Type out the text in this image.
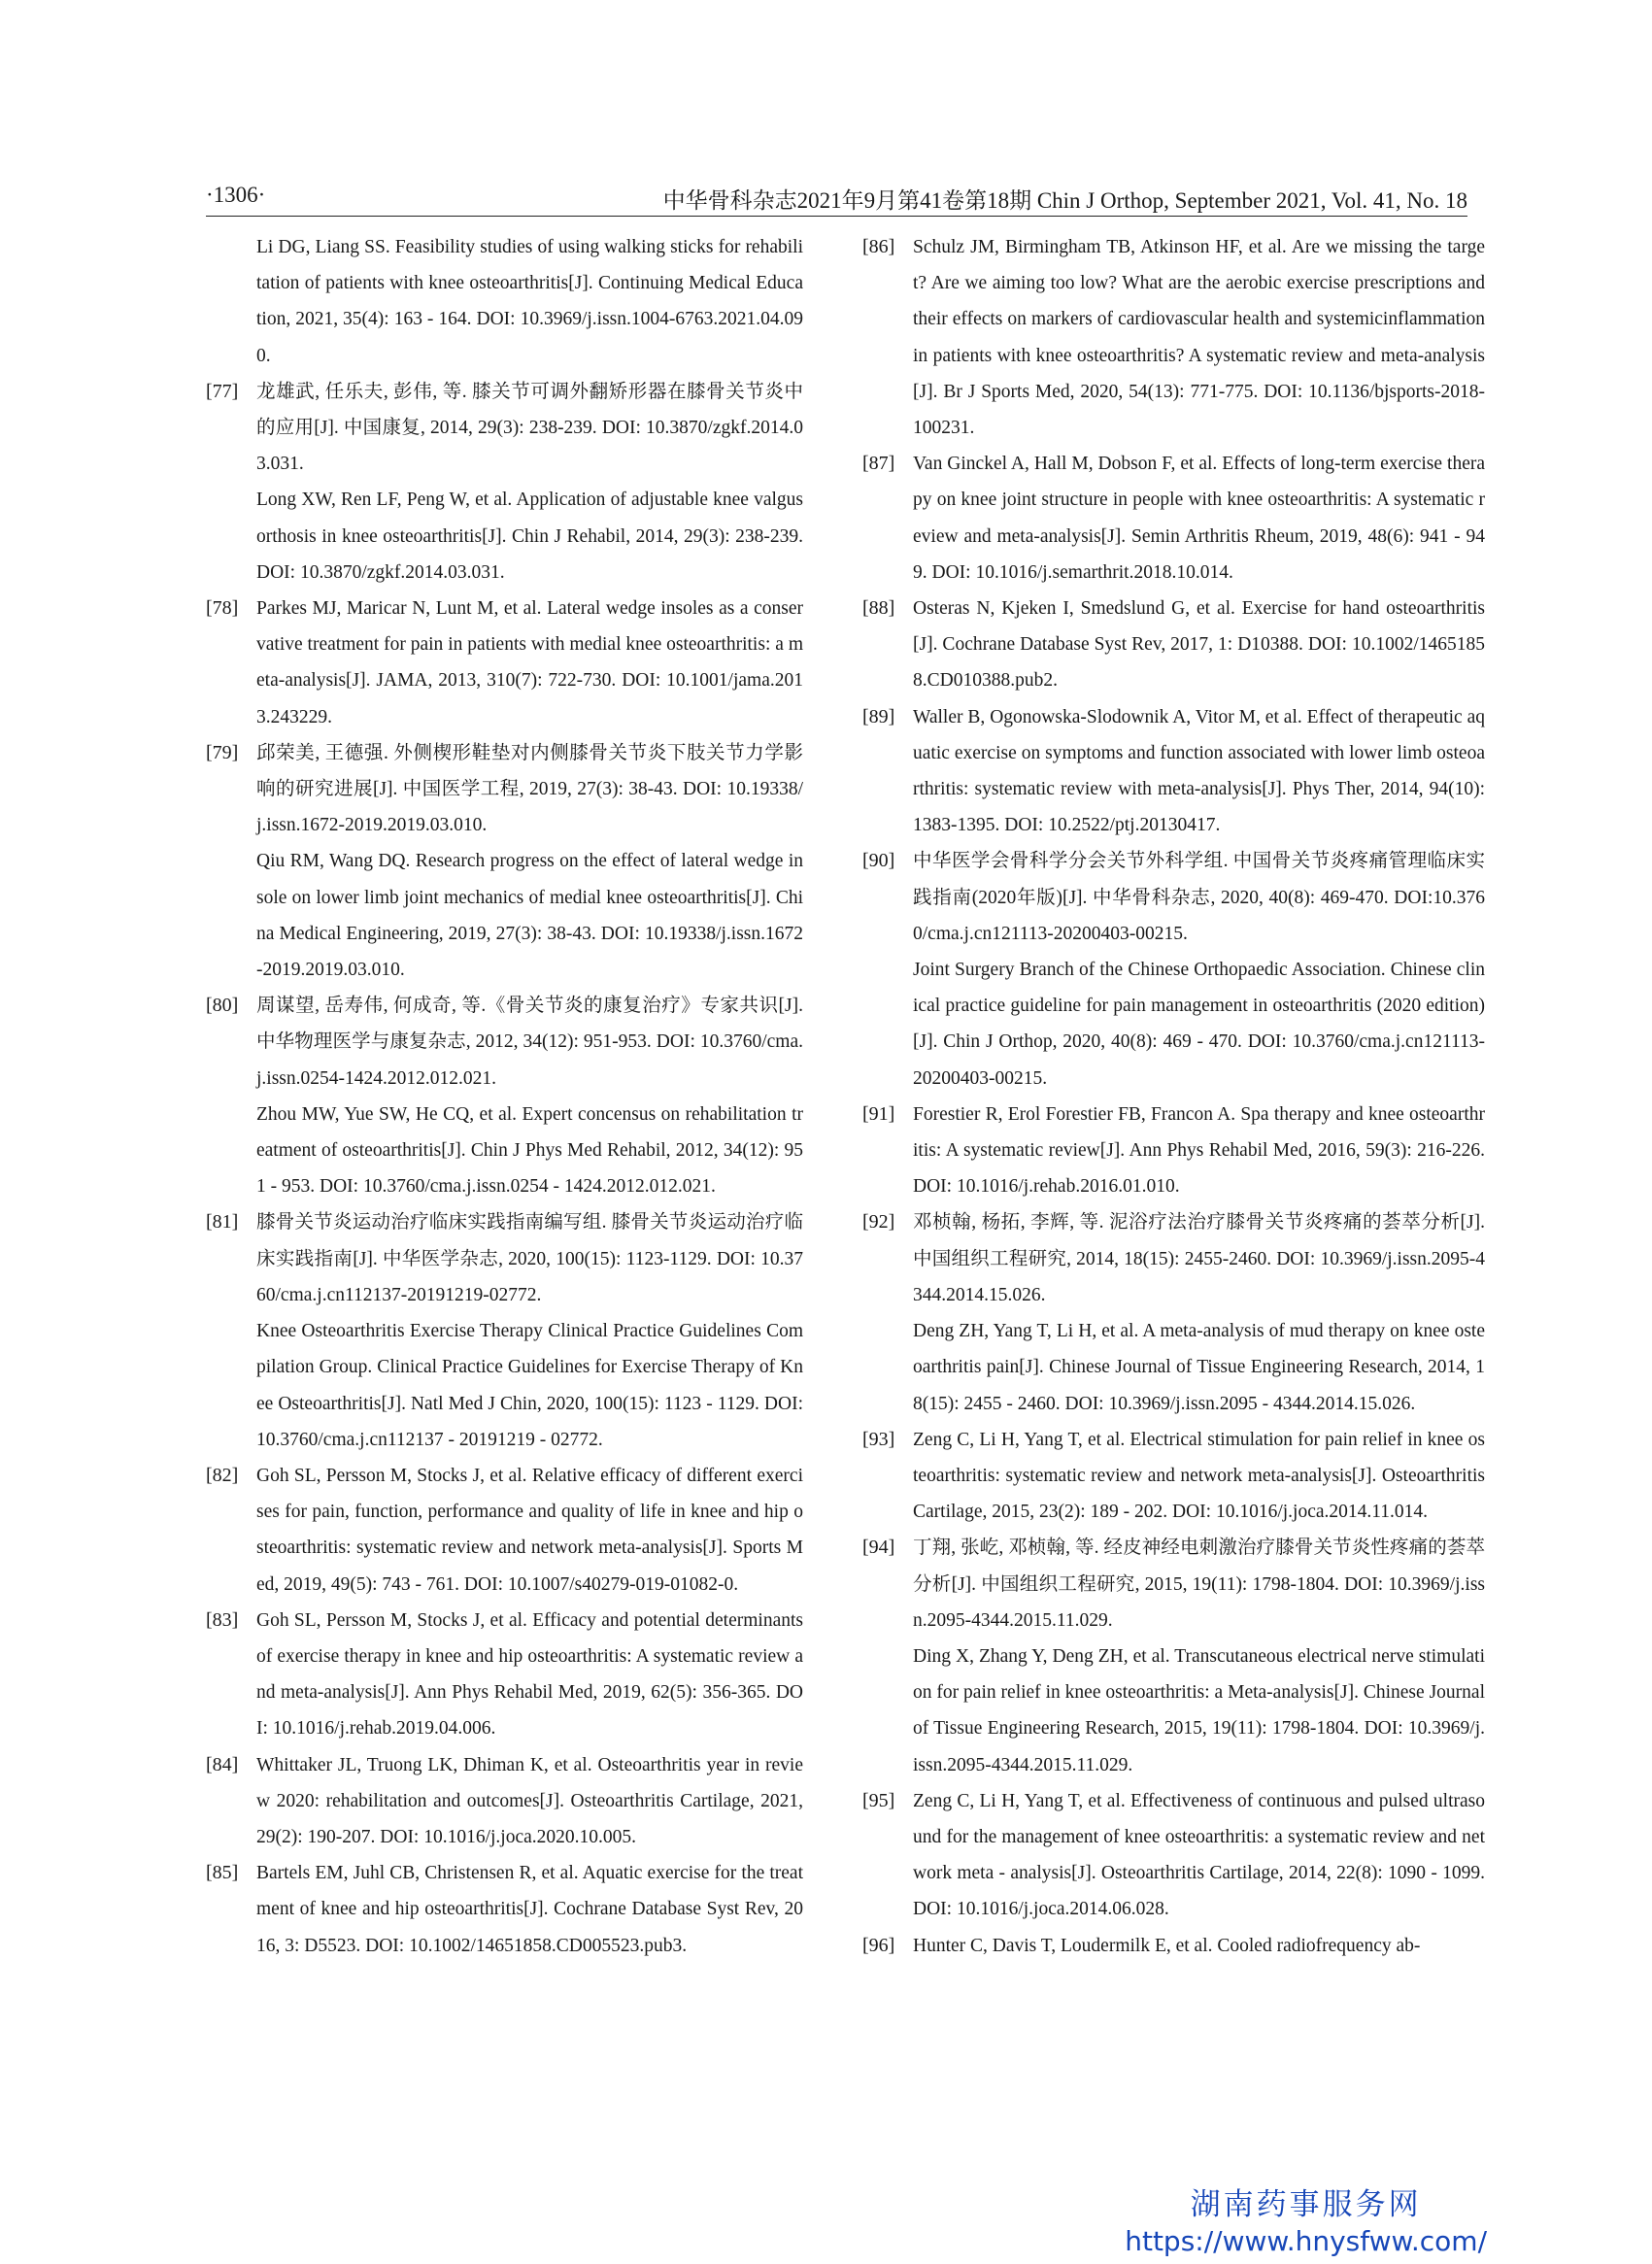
·1306·	中华骨科杂志2021年9月第41卷第18期 Chin J Orthop, September 2021, Vol. 41, No. 18

Li DG, Liang SS. Feasibility studies of using walking sticks for rehabilitation of patients with knee osteoarthritis[J]. Continuing Medical Education, 2021, 35(4): 163 - 164. DOI: 10.3969/j.issn.1004-6763.2021.04.090.

[77] 龙雄武, 任乐夫, 彭伟, 等. 膝关节可调外翻矫形器在膝骨关节炎中的应用[J]. 中国康复, 2014, 29(3): 238-239. DOI: 10.3870/zgkf.2014.03.031.

Long XW, Ren LF, Peng W, et al. Application of adjustable knee valgus orthosis in knee osteoarthritis[J]. Chin J Rehabil, 2014, 29(3): 238-239. DOI: 10.3870/zgkf.2014.03.031.

[78] Parkes MJ, Maricar N, Lunt M, et al. Lateral wedge insoles as a conservative treatment for pain in patients with medial knee osteoarthritis: a meta-analysis[J]. JAMA, 2013, 310(7): 722-730. DOI: 10.1001/jama.2013.243229.

[79] 邱荣美, 王德强. 外侧楔形鞋垫对内侧膝骨关节炎下肢关节力学影响的研究进展[J]. 中国医学工程, 2019, 27(3): 38-43. DOI: 10.19338/j.issn.1672-2019.2019.03.010.

Qiu RM, Wang DQ. Research progress on the effect of lateral wedge insole on lower limb joint mechanics of medial knee osteoarthritis[J]. China Medical Engineering, 2019, 27(3): 38-43. DOI: 10.19338/j.issn.1672-2019.2019.03.010.

[80] 周谋望, 岳寿伟, 何成奇, 等.《骨关节炎的康复治疗》专家共识[J]. 中华物理医学与康复杂志, 2012, 34(12): 951-953. DOI: 10.3760/cma.j.issn.0254-1424.2012.012.021.

Zhou MW, Yue SW, He CQ, et al. Expert concensus on rehabilitation treatment of osteoarthritis[J]. Chin J Phys Med Rehabil, 2012, 34(12): 951 - 953. DOI: 10.3760/cma.j.issn.0254 - 1424.2012.012.021.

[81] 膝骨关节炎运动治疗临床实践指南编写组. 膝骨关节炎运动治疗临床实践指南[J]. 中华医学杂志, 2020, 100(15): 1123-1129. DOI: 10.3760/cma.j.cn112137-20191219-02772.

Knee Osteoarthritis Exercise Therapy Clinical Practice Guidelines Compilation Group. Clinical Practice Guidelines for Exercise Therapy of Knee Osteoarthritis[J]. Natl Med J Chin, 2020, 100(15): 1123 - 1129. DOI: 10.3760/cma.j.cn112137 - 20191219 - 02772.

[82] Goh SL, Persson M, Stocks J, et al. Relative efficacy of different exercises for pain, function, performance and quality of life in knee and hip osteoarthritis: systematic review and network meta-analysis[J]. Sports Med, 2019, 49(5): 743 - 761. DOI: 10.1007/s40279-019-01082-0.

[83] Goh SL, Persson M, Stocks J, et al. Efficacy and potential determinants of exercise therapy in knee and hip osteoarthritis: A systematic review and meta-analysis[J]. Ann Phys Rehabil Med, 2019, 62(5): 356-365. DOI: 10.1016/j.rehab.2019.04.006.

[84] Whittaker JL, Truong LK, Dhiman K, et al. Osteoarthritis year in review 2020: rehabilitation and outcomes[J]. Osteoarthritis Cartilage, 2021, 29(2): 190-207. DOI: 10.1016/j.joca.2020.10.005.

[85] Bartels EM, Juhl CB, Christensen R, et al. Aquatic exercise for the treatment of knee and hip osteoarthritis[J]. Cochrane Database Syst Rev, 2016, 3: D5523. DOI: 10.1002/14651858.CD005523.pub3.

[86] Schulz JM, Birmingham TB, Atkinson HF, et al. Are we missing the target? Are we aiming too low? What are the aerobic exercise prescriptions and their effects on markers of cardiovascular health and systemicinflammation in patients with knee osteoarthritis? A systematic review and meta-analysis[J]. Br J Sports Med, 2020, 54(13): 771-775. DOI: 10.1136/bjsports-2018-100231.

[87] Van Ginckel A, Hall M, Dobson F, et al. Effects of long-term exercise therapy on knee joint structure in people with knee osteoarthritis: A systematic review and meta-analysis[J]. Semin Arthritis Rheum, 2019, 48(6): 941 - 949. DOI: 10.1016/j.semarthrit.2018.10.014.

[88] Osteras N, Kjeken I, Smedslund G, et al. Exercise for hand osteoarthritis[J]. Cochrane Database Syst Rev, 2017, 1: D10388. DOI: 10.1002/14651858.CD010388.pub2.

[89] Waller B, Ogonowska-Slodownik A, Vitor M, et al. Effect of therapeutic aquatic exercise on symptoms and function associated with lower limb osteoarthritis: systematic review with meta-analysis[J]. Phys Ther, 2014, 94(10): 1383-1395. DOI: 10.2522/ptj.20130417.

[90] 中华医学会骨科学分会关节外科学组. 中国骨关节炎疼痛管理临床实践指南(2020年版)[J]. 中华骨科杂志, 2020, 40(8): 469-470. DOI:10.3760/cma.j.cn121113-20200403-00215.

Joint Surgery Branch of the Chinese Orthopaedic Association. Chinese clinical practice guideline for pain management in osteoarthritis (2020 edition) [J]. Chin J Orthop, 2020, 40(8): 469 - 470. DOI: 10.3760/cma.j.cn121113-20200403-00215.

[91] Forestier R, Erol Forestier FB, Francon A. Spa therapy and knee osteoarthritis: A systematic review[J]. Ann Phys Rehabil Med, 2016, 59(3): 216-226. DOI: 10.1016/j.rehab.2016.01.010.

[92] 邓桢翰, 杨拓, 李辉, 等. 泥浴疗法治疗膝骨关节炎疼痛的荟萃分析[J]. 中国组织工程研究, 2014, 18(15): 2455-2460. DOI: 10.3969/j.issn.2095-4344.2014.15.026.

Deng ZH, Yang T, Li H, et al. A meta-analysis of mud therapy on knee osteoarthritis pain[J]. Chinese Journal of Tissue Engineering Research, 2014, 18(15): 2455 - 2460. DOI: 10.3969/j.issn.2095 - 4344.2014.15.026.

[93] Zeng C, Li H, Yang T, et al. Electrical stimulation for pain relief in knee osteoarthritis: systematic review and network meta-analysis[J]. Osteoarthritis Cartilage, 2015, 23(2): 189 - 202. DOI: 10.1016/j.joca.2014.11.014.

[94] 丁翔, 张屹, 邓桢翰, 等. 经皮神经电刺激治疗膝骨关节炎性疼痛的荟萃分析[J]. 中国组织工程研究, 2015, 19(11): 1798-1804. DOI: 10.3969/j.issn.2095-4344.2015.11.029.

Ding X, Zhang Y, Deng ZH, et al. Transcutaneous electrical nerve stimulation for pain relief in knee osteoarthritis: a Meta-analysis[J]. Chinese Journal of Tissue Engineering Research, 2015, 19(11): 1798-1804. DOI: 10.3969/j.issn.2095-4344.2015.11.029.

[95] Zeng C, Li H, Yang T, et al. Effectiveness of continuous and pulsed ultrasound for the management of knee osteoarthritis: a systematic review and network meta - analysis[J]. Osteoarthritis Cartilage, 2014, 22(8): 1090 - 1099. DOI: 10.1016/j.joca.2014.06.028.

[96] Hunter C, Davis T, Loudermilk E, et al. Cooled radiofrequency ab-

湖南药事服务网
https://www.hnysfww.com/
